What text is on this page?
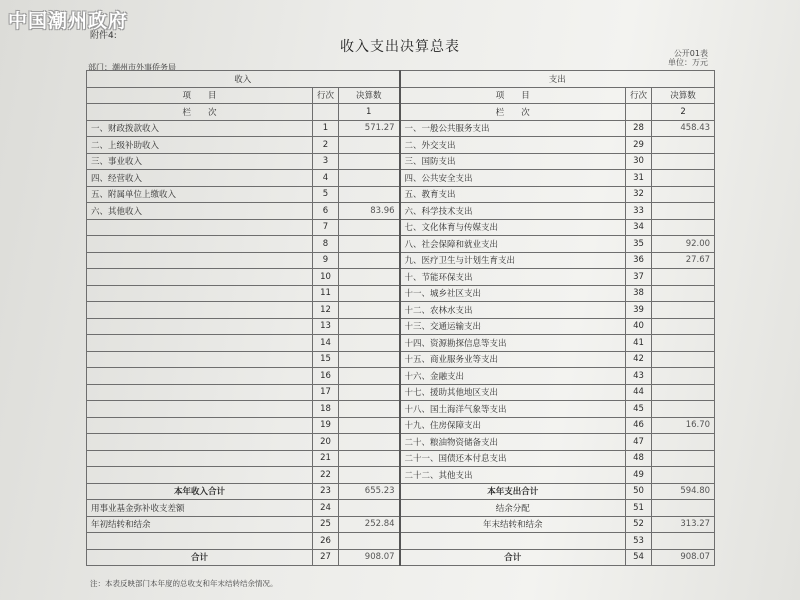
中国潮州政府
附件4:
收入支出决算总表	公开01表
单位：万元
部门：潮州市外事侨务局
收入			支出		
项　　目	行次	决算数	项　　目	行次	决算数
栏　　次		1	栏　　次		2
一、财政拨款收入	1	571.27	一、一般公共服务支出	28	458.43
二、上级补助收入	2		二、外交支出	29	
三、事业收入	3		三、国防支出	30	
四、经营收入	4		四、公共安全支出	31	
五、附属单位上缴收入	5		五、教育支出	32	
六、其他收入	6	83.96	六、科学技术支出	33	
	7		七、文化体育与传媒支出	34	
	8		八、社会保障和就业支出	35	92.00
	9		九、医疗卫生与计划生育支出	36	27.67
	10		十、节能环保支出	37	
	11		十一、城乡社区支出	38	
	12		十二、农林水支出	39	
	13		十三、交通运输支出	40	
	14		十四、资源勘探信息等支出	41	
	15		十五、商业服务业等支出	42	
	16		十六、金融支出	43	
	17		十七、援助其他地区支出	44	
	18		十八、国土海洋气象等支出	45	
	19		十九、住房保障支出	46	16.70
	20		二十、粮油物资储备支出	47	
	21		二十一、国债还本付息支出	48	
	22		二十二、其他支出	49	
本年收入合计	23	655.23	本年支出合计	50	594.80
用事业基金弥补收支差额	24		结余分配	51	
年初结转和结余	25	252.84	年末结转和结余	52	313.27
	26			53	
合计	27	908.07	合计	54	908.07
注：本表反映部门本年度的总收支和年末结转结余情况。
